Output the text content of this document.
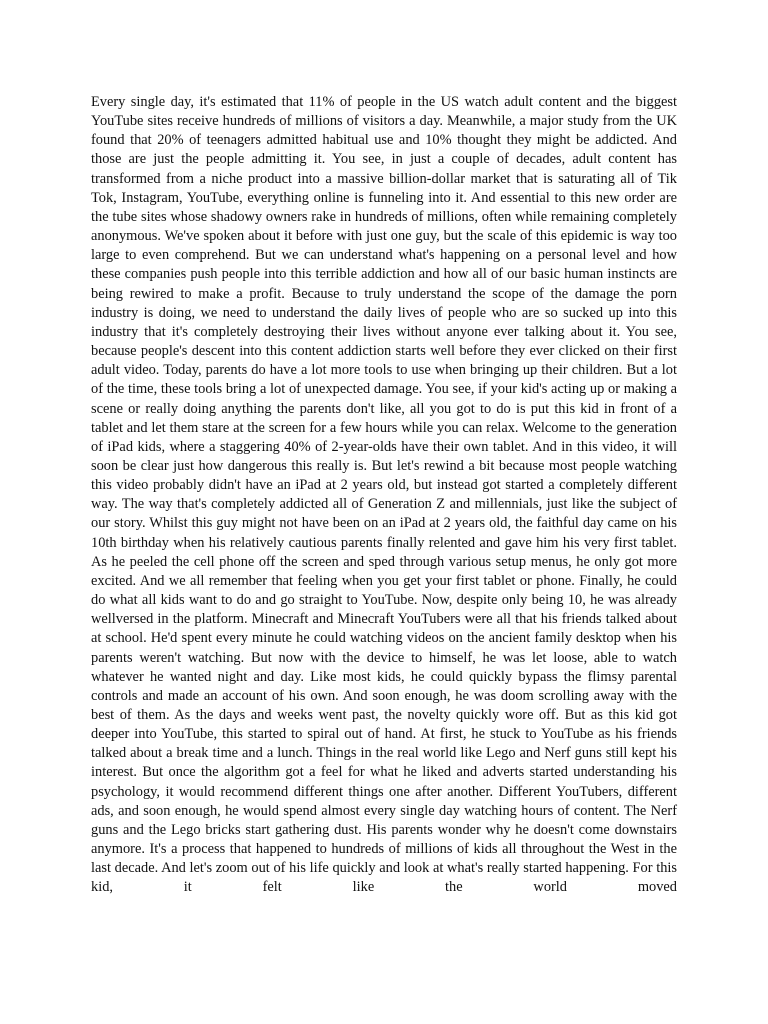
Every single day, it's estimated that 11% of people in the US watch adult content and the biggest YouTube sites receive hundreds of millions of visitors a day. Meanwhile, a major study from the UK found that 20% of teenagers admitted habitual use and 10% thought they might be addicted. And those are just the people admitting it. You see, in just a couple of decades, adult content has transformed from a niche product into a massive billion-dollar market that is saturating all of Tik Tok, Instagram, YouTube, everything online is funneling into it. And essential to this new order are the tube sites whose shadowy owners rake in hundreds of millions, often while remaining completely anonymous. We've spoken about it before with just one guy, but the scale of this epidemic is way too large to even comprehend. But we can understand what's happening on a personal level and how these companies push people into this terrible addiction and how all of our basic human instincts are being rewired to make a profit. Because to truly understand the scope of the damage the porn industry is doing, we need to understand the daily lives of people who are so sucked up into this industry that it's completely destroying their lives without anyone ever talking about it. You see, because people's descent into this content addiction starts well before they ever clicked on their first adult video. Today, parents do have a lot more tools to use when bringing up their children. But a lot of the time, these tools bring a lot of unexpected damage. You see, if your kid's acting up or making a scene or really doing anything the parents don't like, all you got to do is put this kid in front of a tablet and let them stare at the screen for a few hours while you can relax. Welcome to the generation of iPad kids, where a staggering 40% of 2-year-olds have their own tablet. And in this video, it will soon be clear just how dangerous this really is. But let's rewind a bit because most people watching this video probably didn't have an iPad at 2 years old, but instead got started a completely different way. The way that's completely addicted all of Generation Z and millennials, just like the subject of our story. Whilst this guy might not have been on an iPad at 2 years old, the faithful day came on his 10th birthday when his relatively cautious parents finally relented and gave him his very first tablet. As he peeled the cell phone off the screen and sped through various setup menus, he only got more excited. And we all remember that feeling when you get your first tablet or phone. Finally, he could do what all kids want to do and go straight to YouTube. Now, despite only being 10, he was already wellversed in the platform. Minecraft and Minecraft YouTubers were all that his friends talked about at school. He'd spent every minute he could watching videos on the ancient family desktop when his parents weren't watching. But now with the device to himself, he was let loose, able to watch whatever he wanted night and day. Like most kids, he could quickly bypass the flimsy parental controls and made an account of his own. And soon enough, he was doom scrolling away with the best of them. As the days and weeks went past, the novelty quickly wore off. But as this kid got deeper into YouTube, this started to spiral out of hand. At first, he stuck to YouTube as his friends talked about a break time and a lunch. Things in the real world like Lego and Nerf guns still kept his interest. But once the algorithm got a feel for what he liked and adverts started understanding his psychology, it would recommend different things one after another. Different YouTubers, different ads, and soon enough, he would spend almost every single day watching hours of content. The Nerf guns and the Lego bricks start gathering dust. His parents wonder why he doesn't come downstairs anymore. It's a process that happened to hundreds of millions of kids all throughout the West in the last decade. And let's zoom out of his life quickly and look at what's really started happening. For this kid, it felt like the world moved
